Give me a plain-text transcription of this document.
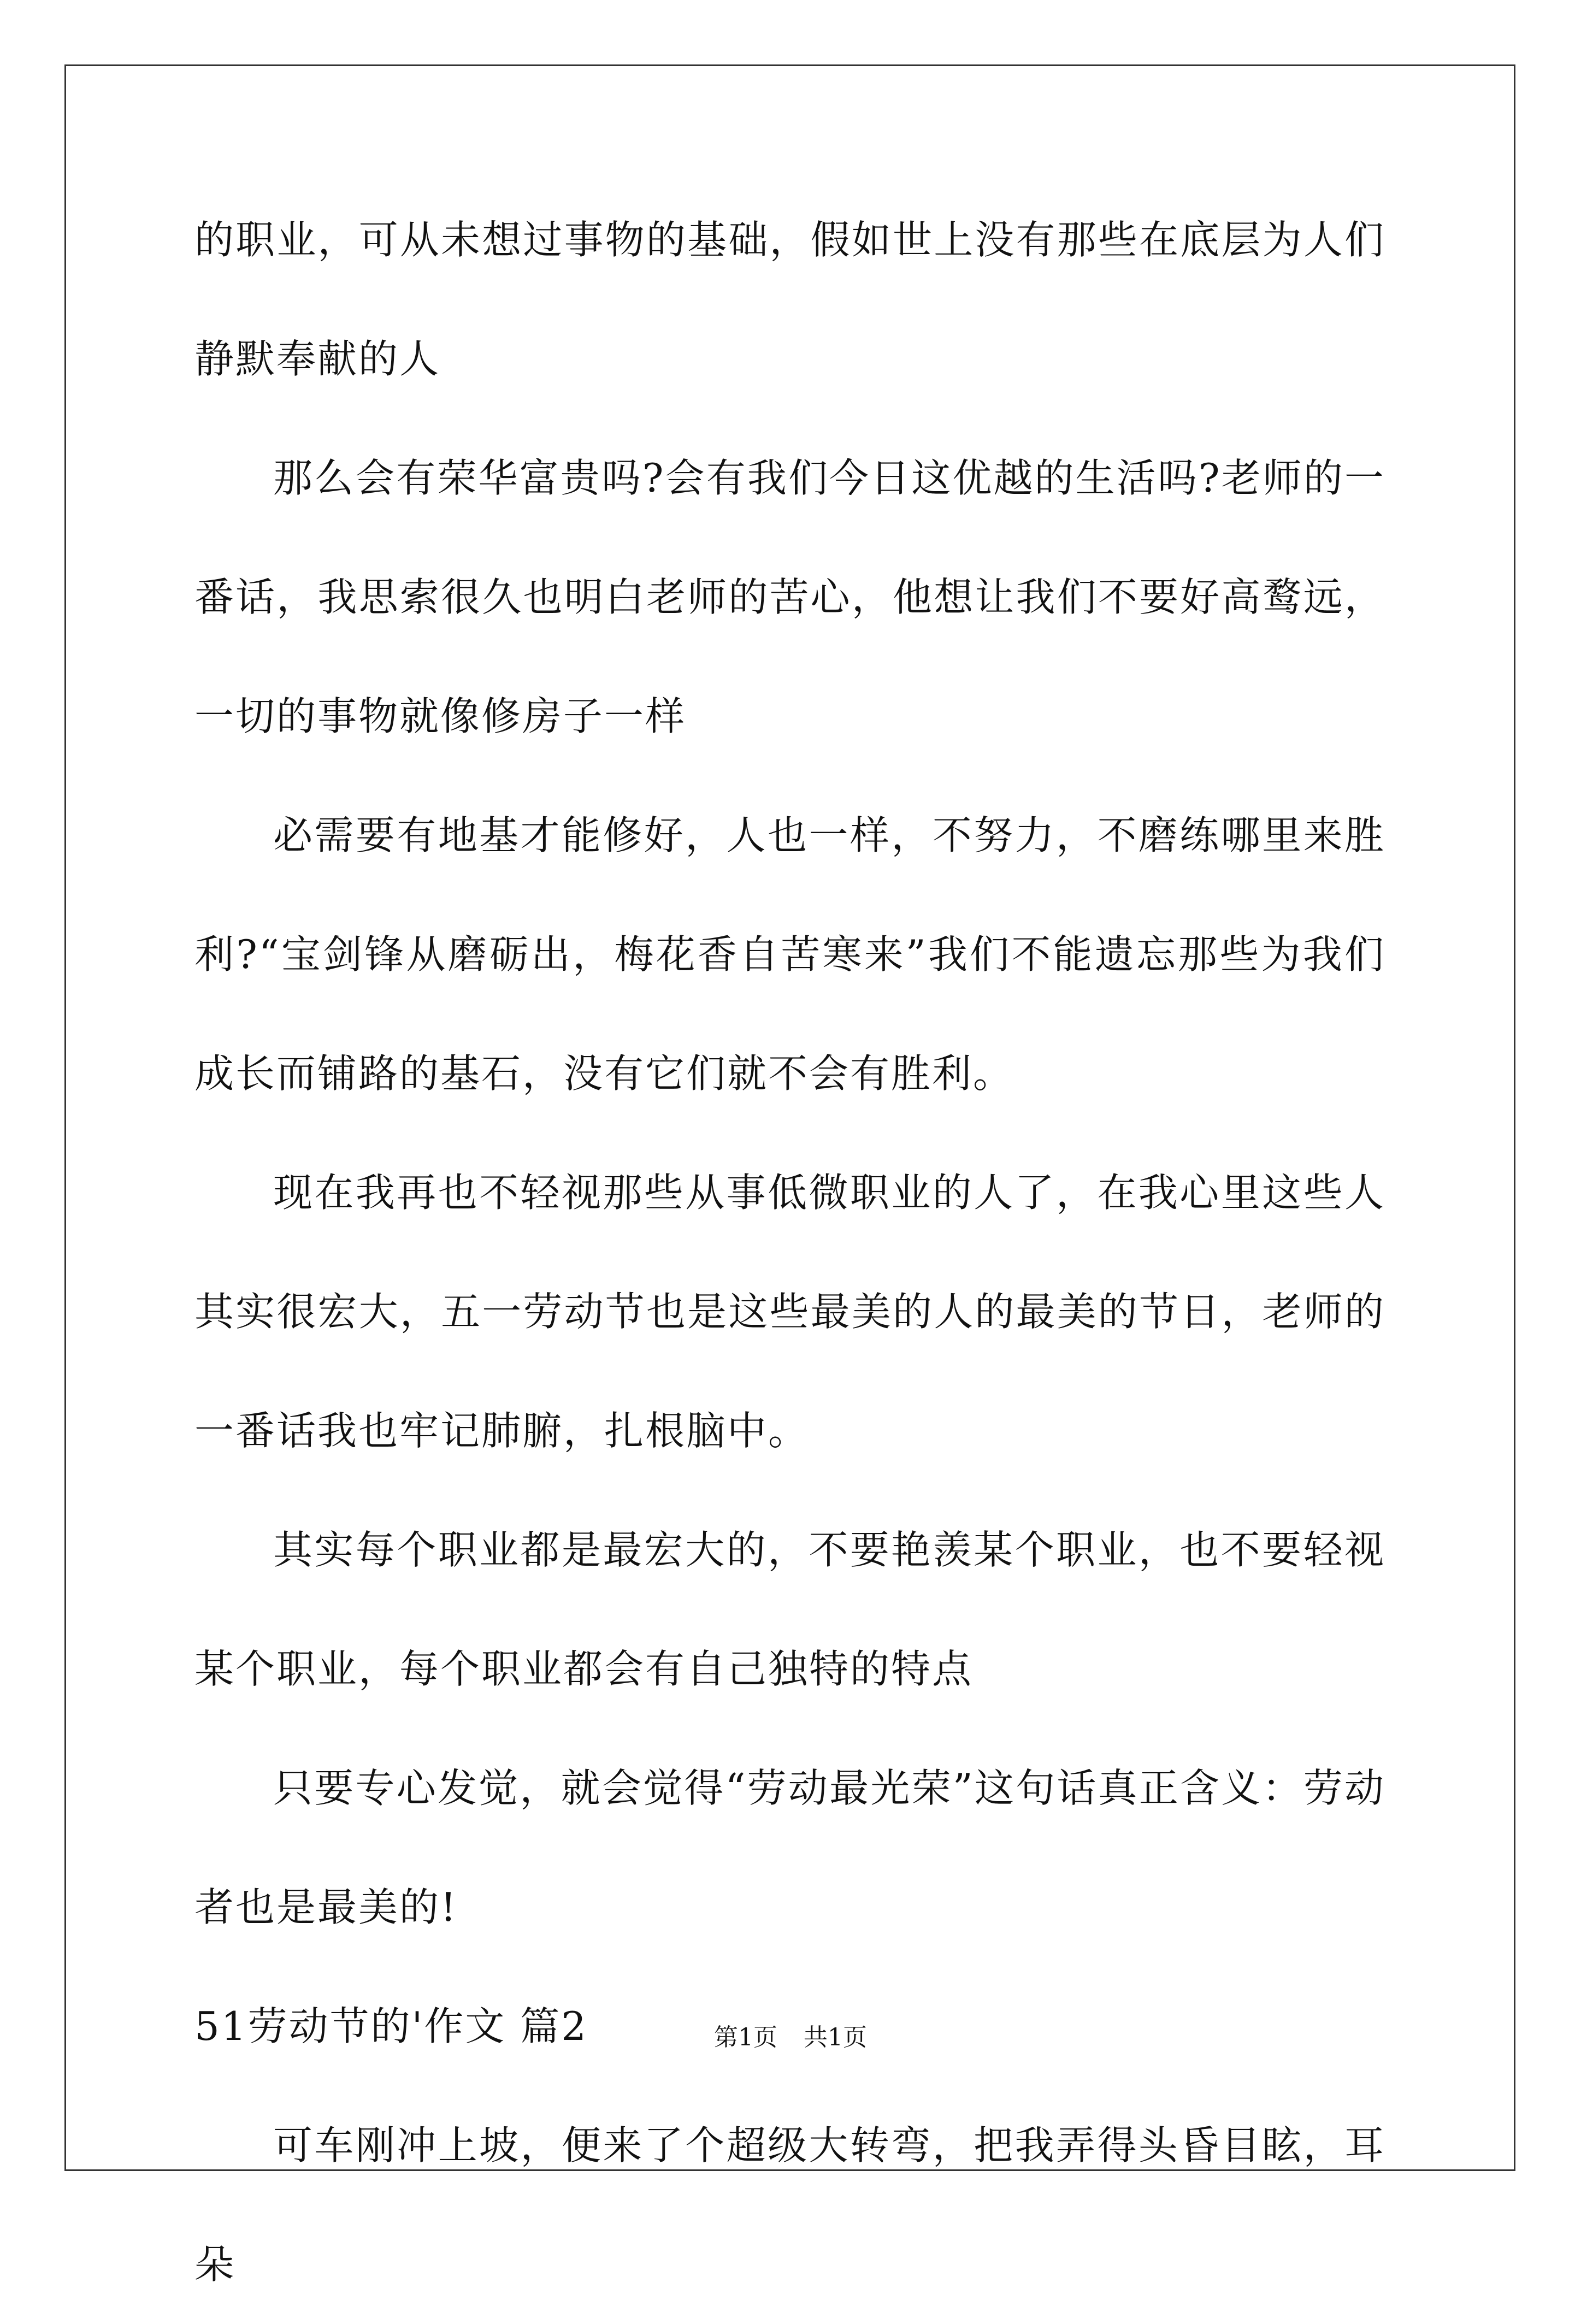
的职业，可从未想过事物的基础，假如世上没有那些在底层为人们静默奉献的人

那么会有荣华富贵吗?会有我们今日这优越的生活吗?老师的一番话，我思索很久也明白老师的苦心，他想让我们不要好高鹜远，一切的事物就像修房子一样

必需要有地基才能修好，人也一样，不努力，不磨练哪里来胜利?“宝剑锋从磨砺出，梅花香自苦寒来”我们不能遗忘那些为我们成长而铺路的基石，没有它们就不会有胜利。

现在我再也不轻视那些从事低微职业的人了，在我心里这些人其实很宏大，五一劳动节也是这些最美的人的最美的节日，老师的一番话我也牢记肺腑，扎根脑中。

其实每个职业都是最宏大的，不要艳羡某个职业，也不要轻视某个职业，每个职业都会有自己独特的特点

只要专心发觉，就会觉得“劳动最光荣”这句话真正含义：劳动者也是最美的!

51劳动节的'作文 篇2

可车刚冲上坡，便来了个超级大转弯，把我弄得头昏目眩，耳朵

第1页 共1页
